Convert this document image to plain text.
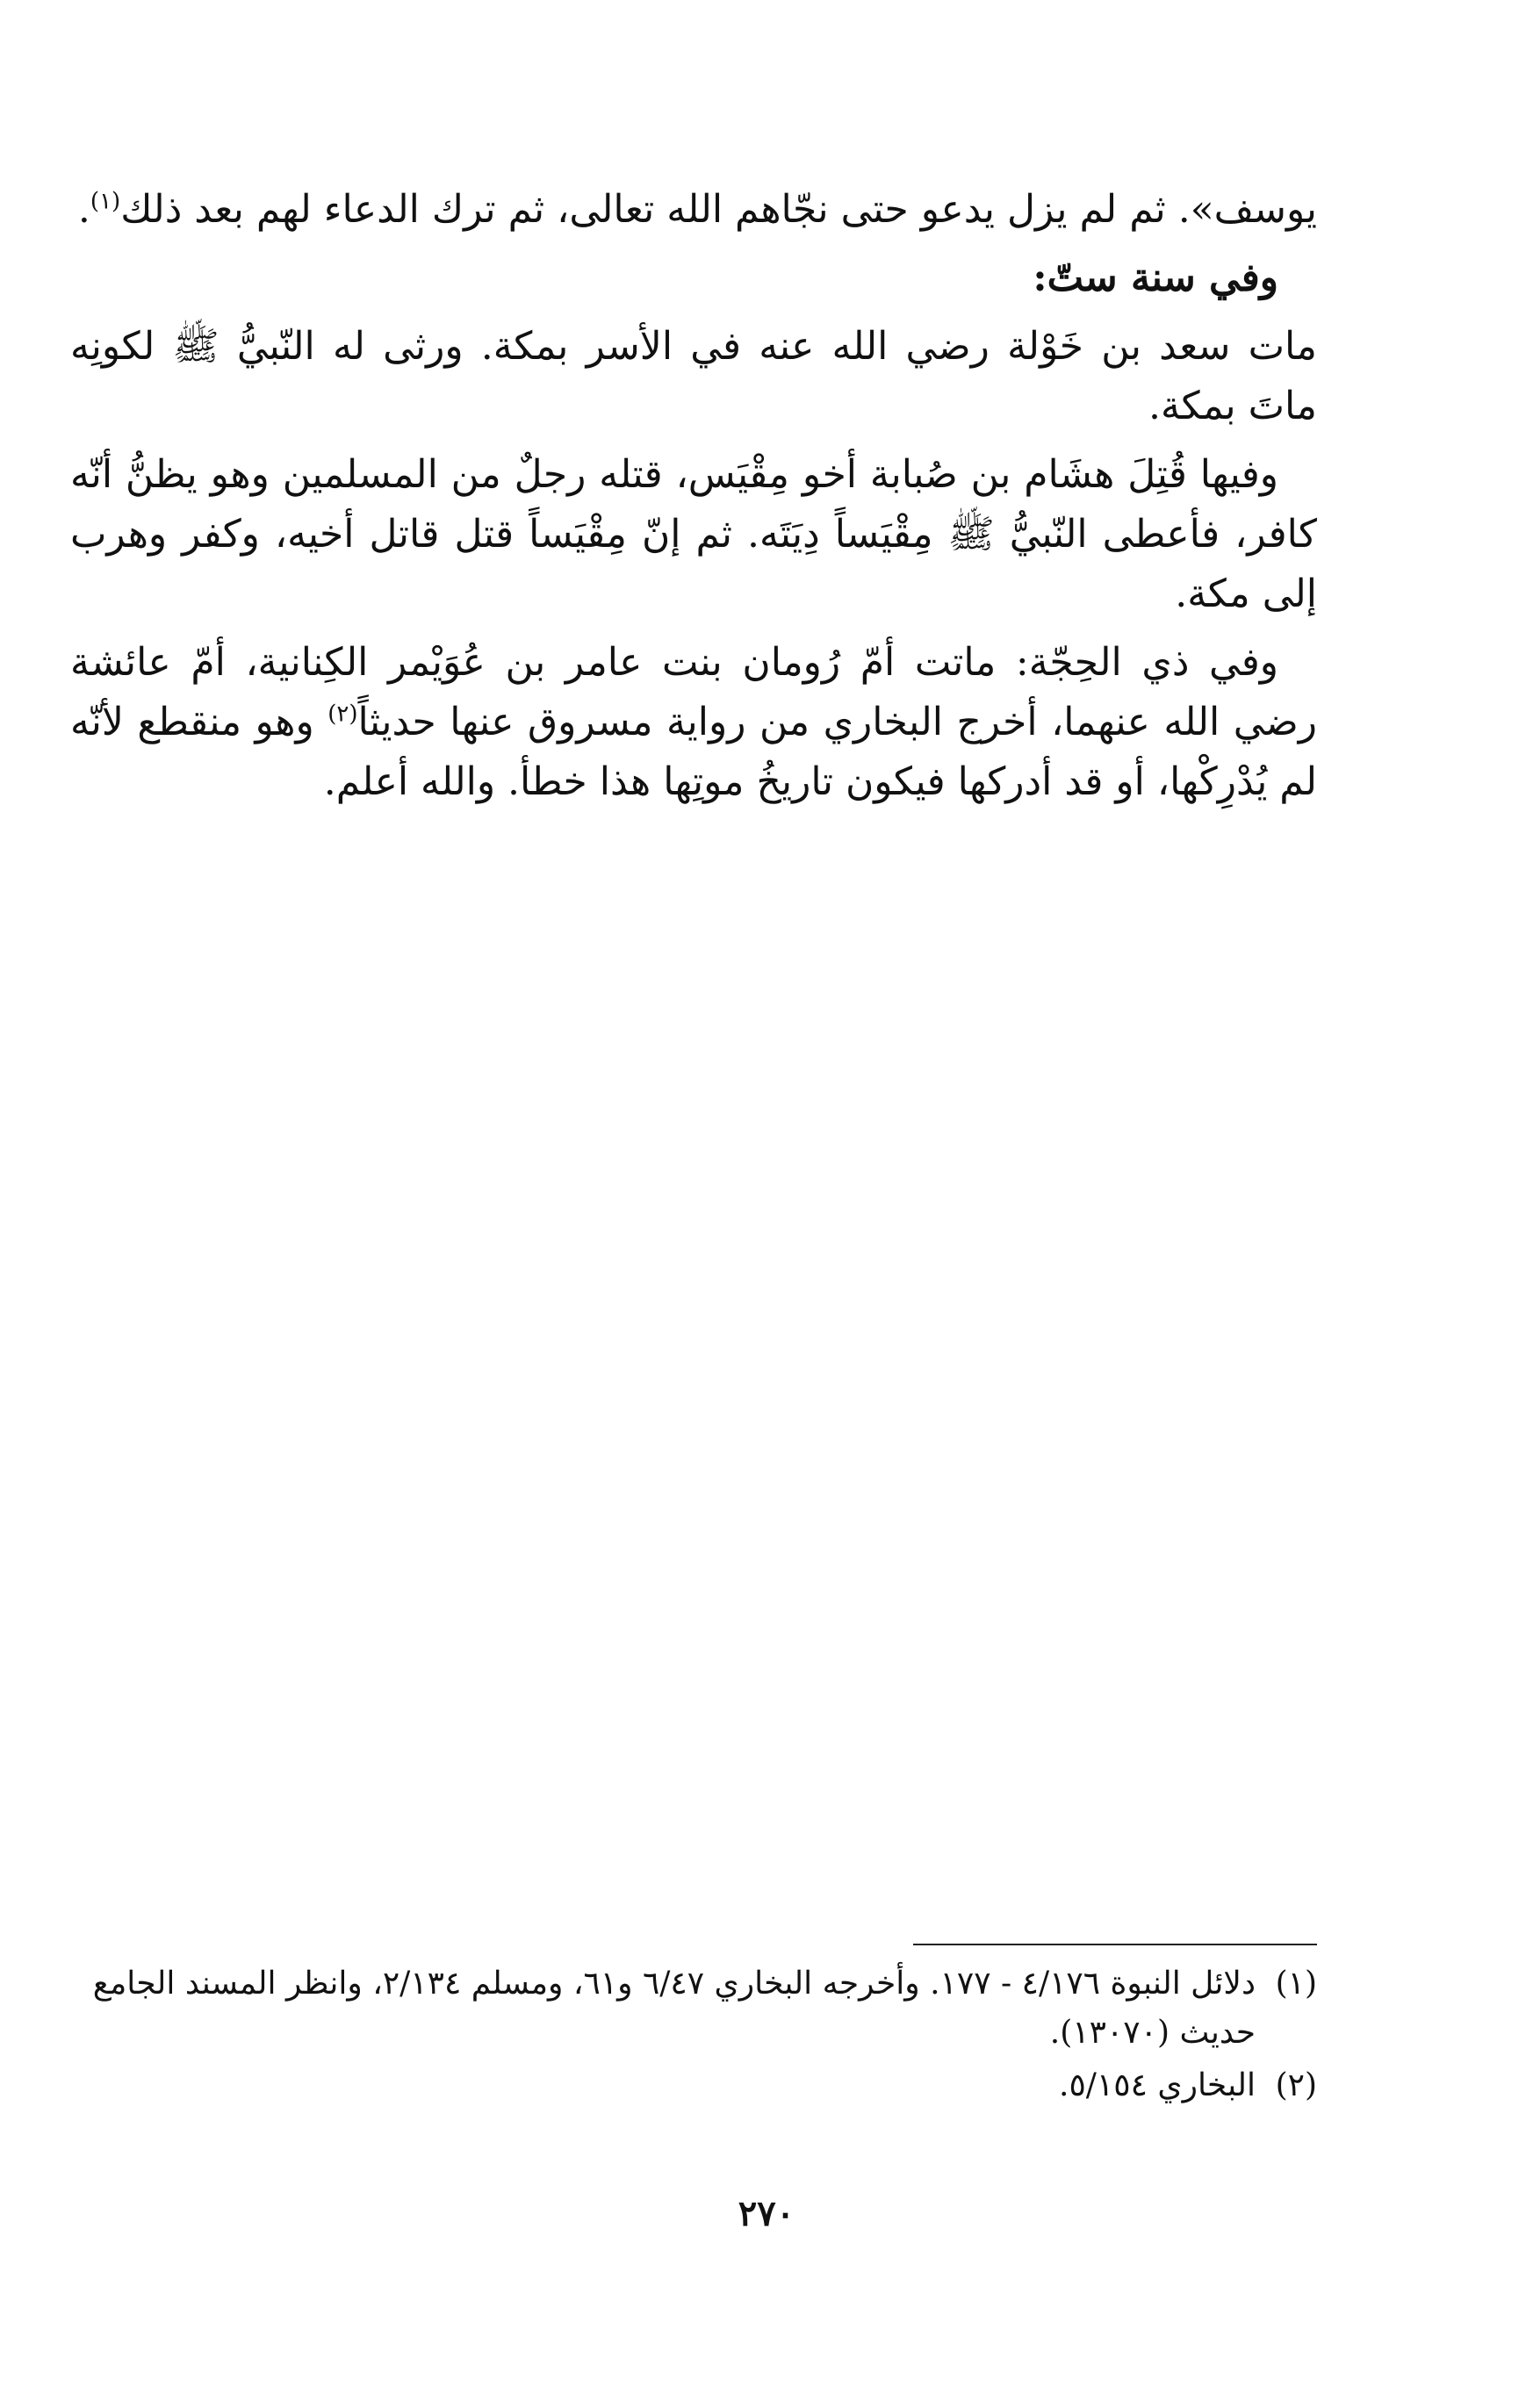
يوسف». ثم لم يزل يدعو حتى نجّاهم الله تعالى، ثم ترك الدعاء لهم بعد ذلك$^{(١)}$.

وفي سنة ستّ:

مات سعد بن خَوْلة رضي الله عنه في الأسر بمكة. ورثى له النّبيُّ ﷺ لكونِه ماتَ بمكة.

وفيها قُتِلَ هشَام بن صُبابة أخو مِقْيَس، قتله رجلٌ من المسلمين وهو يظنُّ أنّه كافر، فأعطى النّبيُّ ﷺ مِقْيَساً دِيَتَه. ثم إنّ مِقْيَساً قتل قاتل أخيه، وكفر وهرب إلى مكة.

وفي ذي الحِجّة: ماتت أمّ رُومان بنت عامر بن عُوَيْمر الكِنانية، أمّ عائشة رضي الله عنهما، أخرج البخاري من رواية مسروق عنها حديثاً$^{(٢)}$ وهو منقطع لأنّه لم يُدْرِكْها، أو قد أدركها فيكون تاريخُ موتِها هذا خطأ. والله أعلم.

(١)
دلائل النبوة ٤/١٧٦ - ١٧٧. وأخرجه البخاري ٦/٤٧ و٦١، ومسلم ٢/١٣٤، وانظر المسند الجامع حديث (١٣٠٧٠).
(٢)
البخاري ٥/١٥٤.
٢٧٠
